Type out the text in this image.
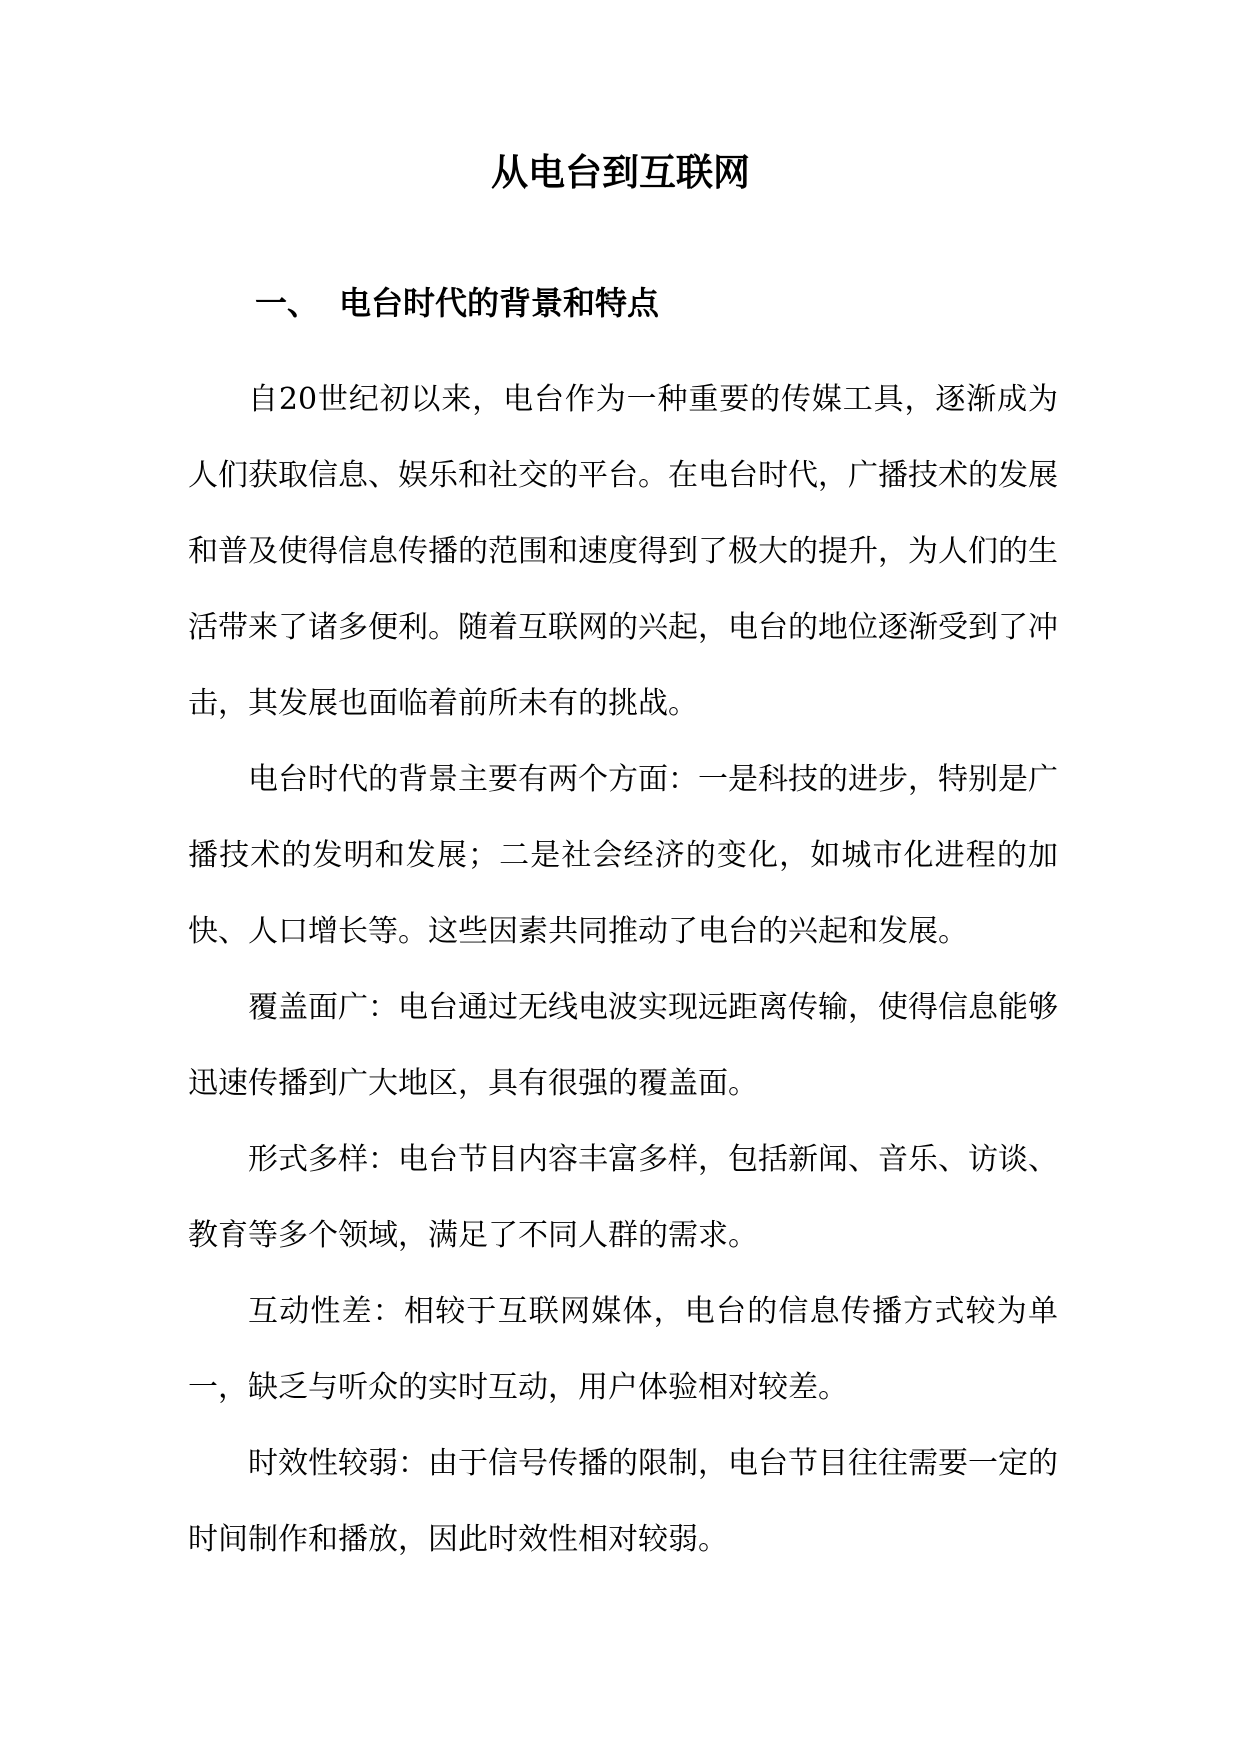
从电台到互联网
一、 电台时代的背景和特点

自20世纪初以来，电台作为一种重要的传媒工具，逐渐成为人们获取信息、娱乐和社交的平台。在电台时代，广播技术的发展和普及使得信息传播的范围和速度得到了极大的提升，为人们的生活带来了诸多便利。随着互联网的兴起，电台的地位逐渐受到了冲击，其发展也面临着前所未有的挑战。

电台时代的背景主要有两个方面：一是科技的进步，特别是广播技术的发明和发展；二是社会经济的变化，如城市化进程的加快、人口增长等。这些因素共同推动了电台的兴起和发展。

覆盖面广：电台通过无线电波实现远距离传输，使得信息能够迅速传播到广大地区，具有很强的覆盖面。

形式多样：电台节目内容丰富多样，包括新闻、音乐、访谈、教育等多个领域，满足了不同人群的需求。

互动性差：相较于互联网媒体，电台的信息传播方式较为单一，缺乏与听众的实时互动，用户体验相对较差。

时效性较弱：由于信号传播的限制，电台节目往往需要一定的时间制作和播放，因此时效性相对较弱。
